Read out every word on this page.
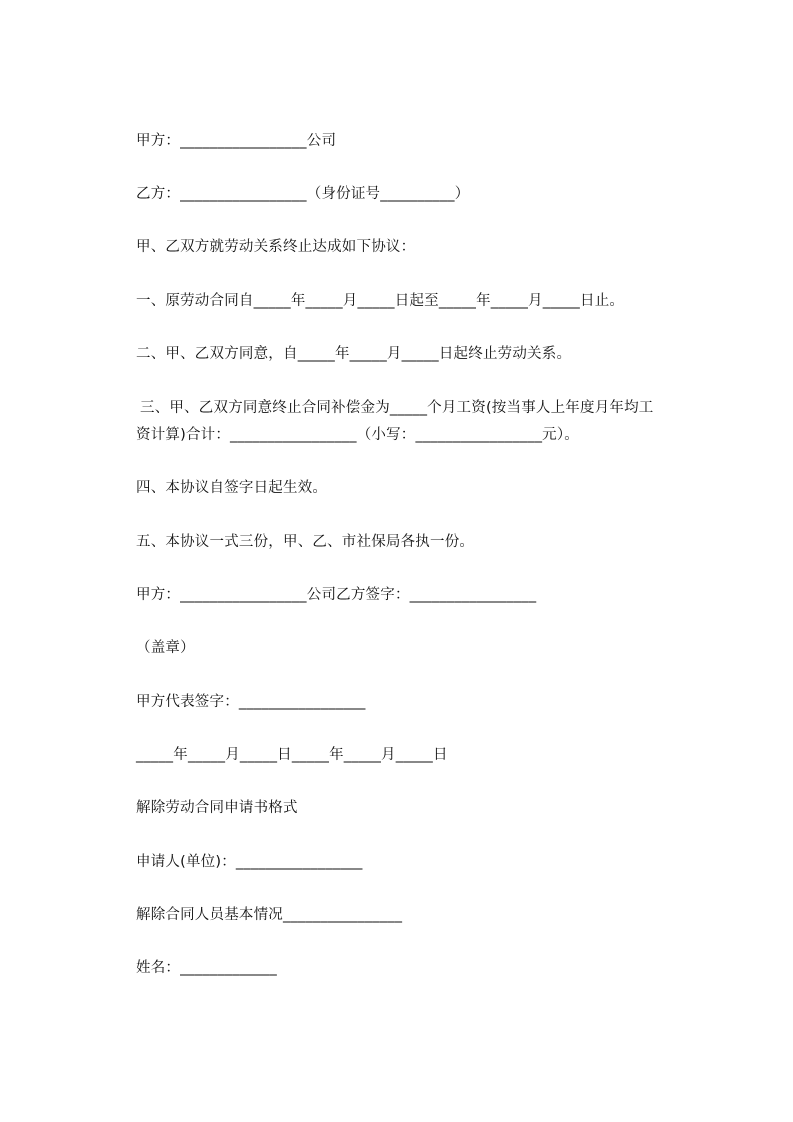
甲方：_________________公司
乙方：_________________（身份证号__________）
甲、乙双方就劳动关系终止达成如下协议：
一、原劳动合同自_____年_____月_____日起至_____年_____月_____日止。
二、甲、乙双方同意，自_____年_____月_____日起终止劳动关系。
三、甲、乙双方同意终止合同补偿金为_____个月工资(按当事人上年度月年均工
资计算)合计：_________________（小写：_________________元）。
四、本协议自签字日起生效。
五、本协议一式三份，甲、乙、市社保局各执一份。
甲方：_________________公司乙方签字：_________________
（盖章）
甲方代表签字：_________________
_____年_____月_____日_____年_____月_____日
解除劳动合同申请书格式
申请人(单位)：_________________
解除合同人员基本情况________________
姓名：_____________
